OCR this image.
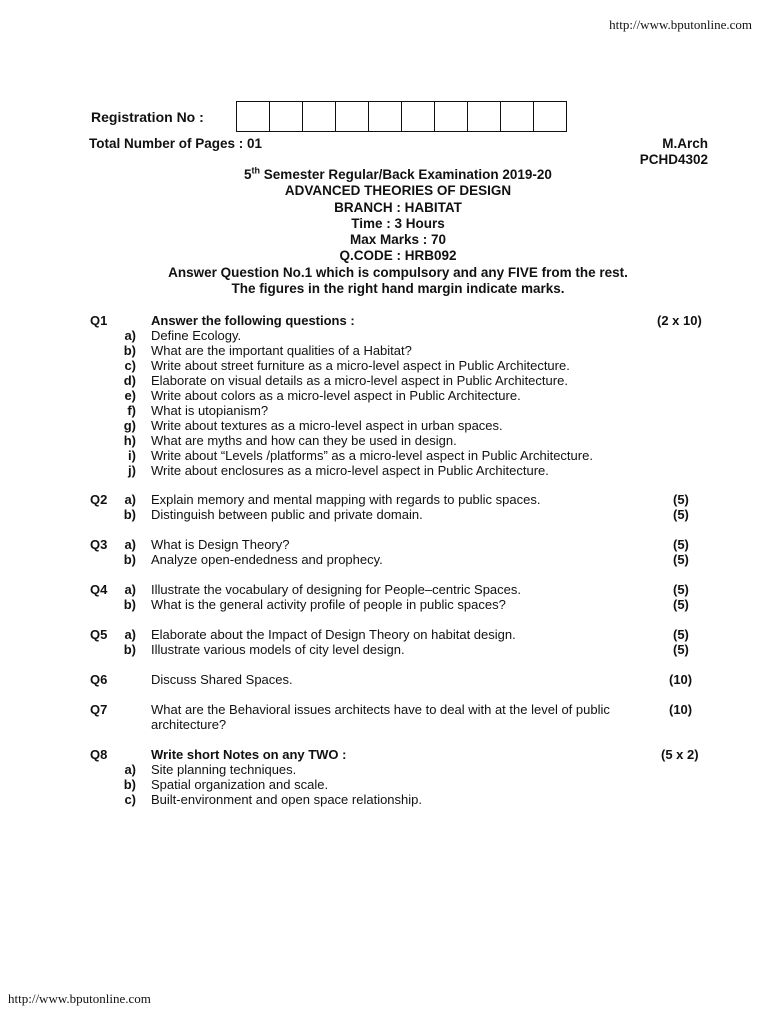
http://www.bputonline.com
http://www.bputonline.com
Registration No :
Total Number of Pages : 01	M.Arch
PCHD4302
5th Semester Regular/Back Examination 2019-20
ADVANCED THEORIES OF DESIGN
BRANCH : HABITAT
Time : 3 Hours
Max Marks : 70
Q.CODE : HRB092
Answer Question No.1 which is compulsory and any FIVE from the rest.
The figures in the right hand margin indicate marks.
Q1	Answer the following questions :	(2 x 10)
a) Define Ecology.
b) What are the important qualities of a Habitat?
c) Write about street furniture as a micro-level aspect in Public Architecture.
d) Elaborate on visual details as a micro-level aspect in Public Architecture.
e) Write about colors as a micro-level aspect in Public Architecture.
f) What is utopianism?
g) Write about textures as a micro-level aspect in urban spaces.
h) What are myths and how can they be used in design.
i) Write about “Levels /platforms” as a micro-level aspect in Public Architecture.
j) Write about enclosures as a micro-level aspect in Public Architecture.
Q2 a) Explain memory and mental mapping with regards to public spaces.	(5)
b) Distinguish between public and private domain.	(5)
Q3 a) What is Design Theory?	(5)
b) Analyze open-endedness and prophecy.	(5)
Q4 a) Illustrate the vocabulary of designing for People–centric Spaces.	(5)
b) What is the general activity profile of people in public spaces?	(5)
Q5 a) Elaborate about the Impact of Design Theory on habitat design.	(5)
b) Illustrate various models of city level design.	(5)
Q6	Discuss Shared Spaces.	(10)
Q7	What are the Behavioral issues architects have to deal with at the level of public
architecture?
(10)
Q8	Write short Notes on any TWO :	(5 x 2)
a) Site planning techniques.
b) Spatial organization and scale.
c) Built-environment and open space relationship.
